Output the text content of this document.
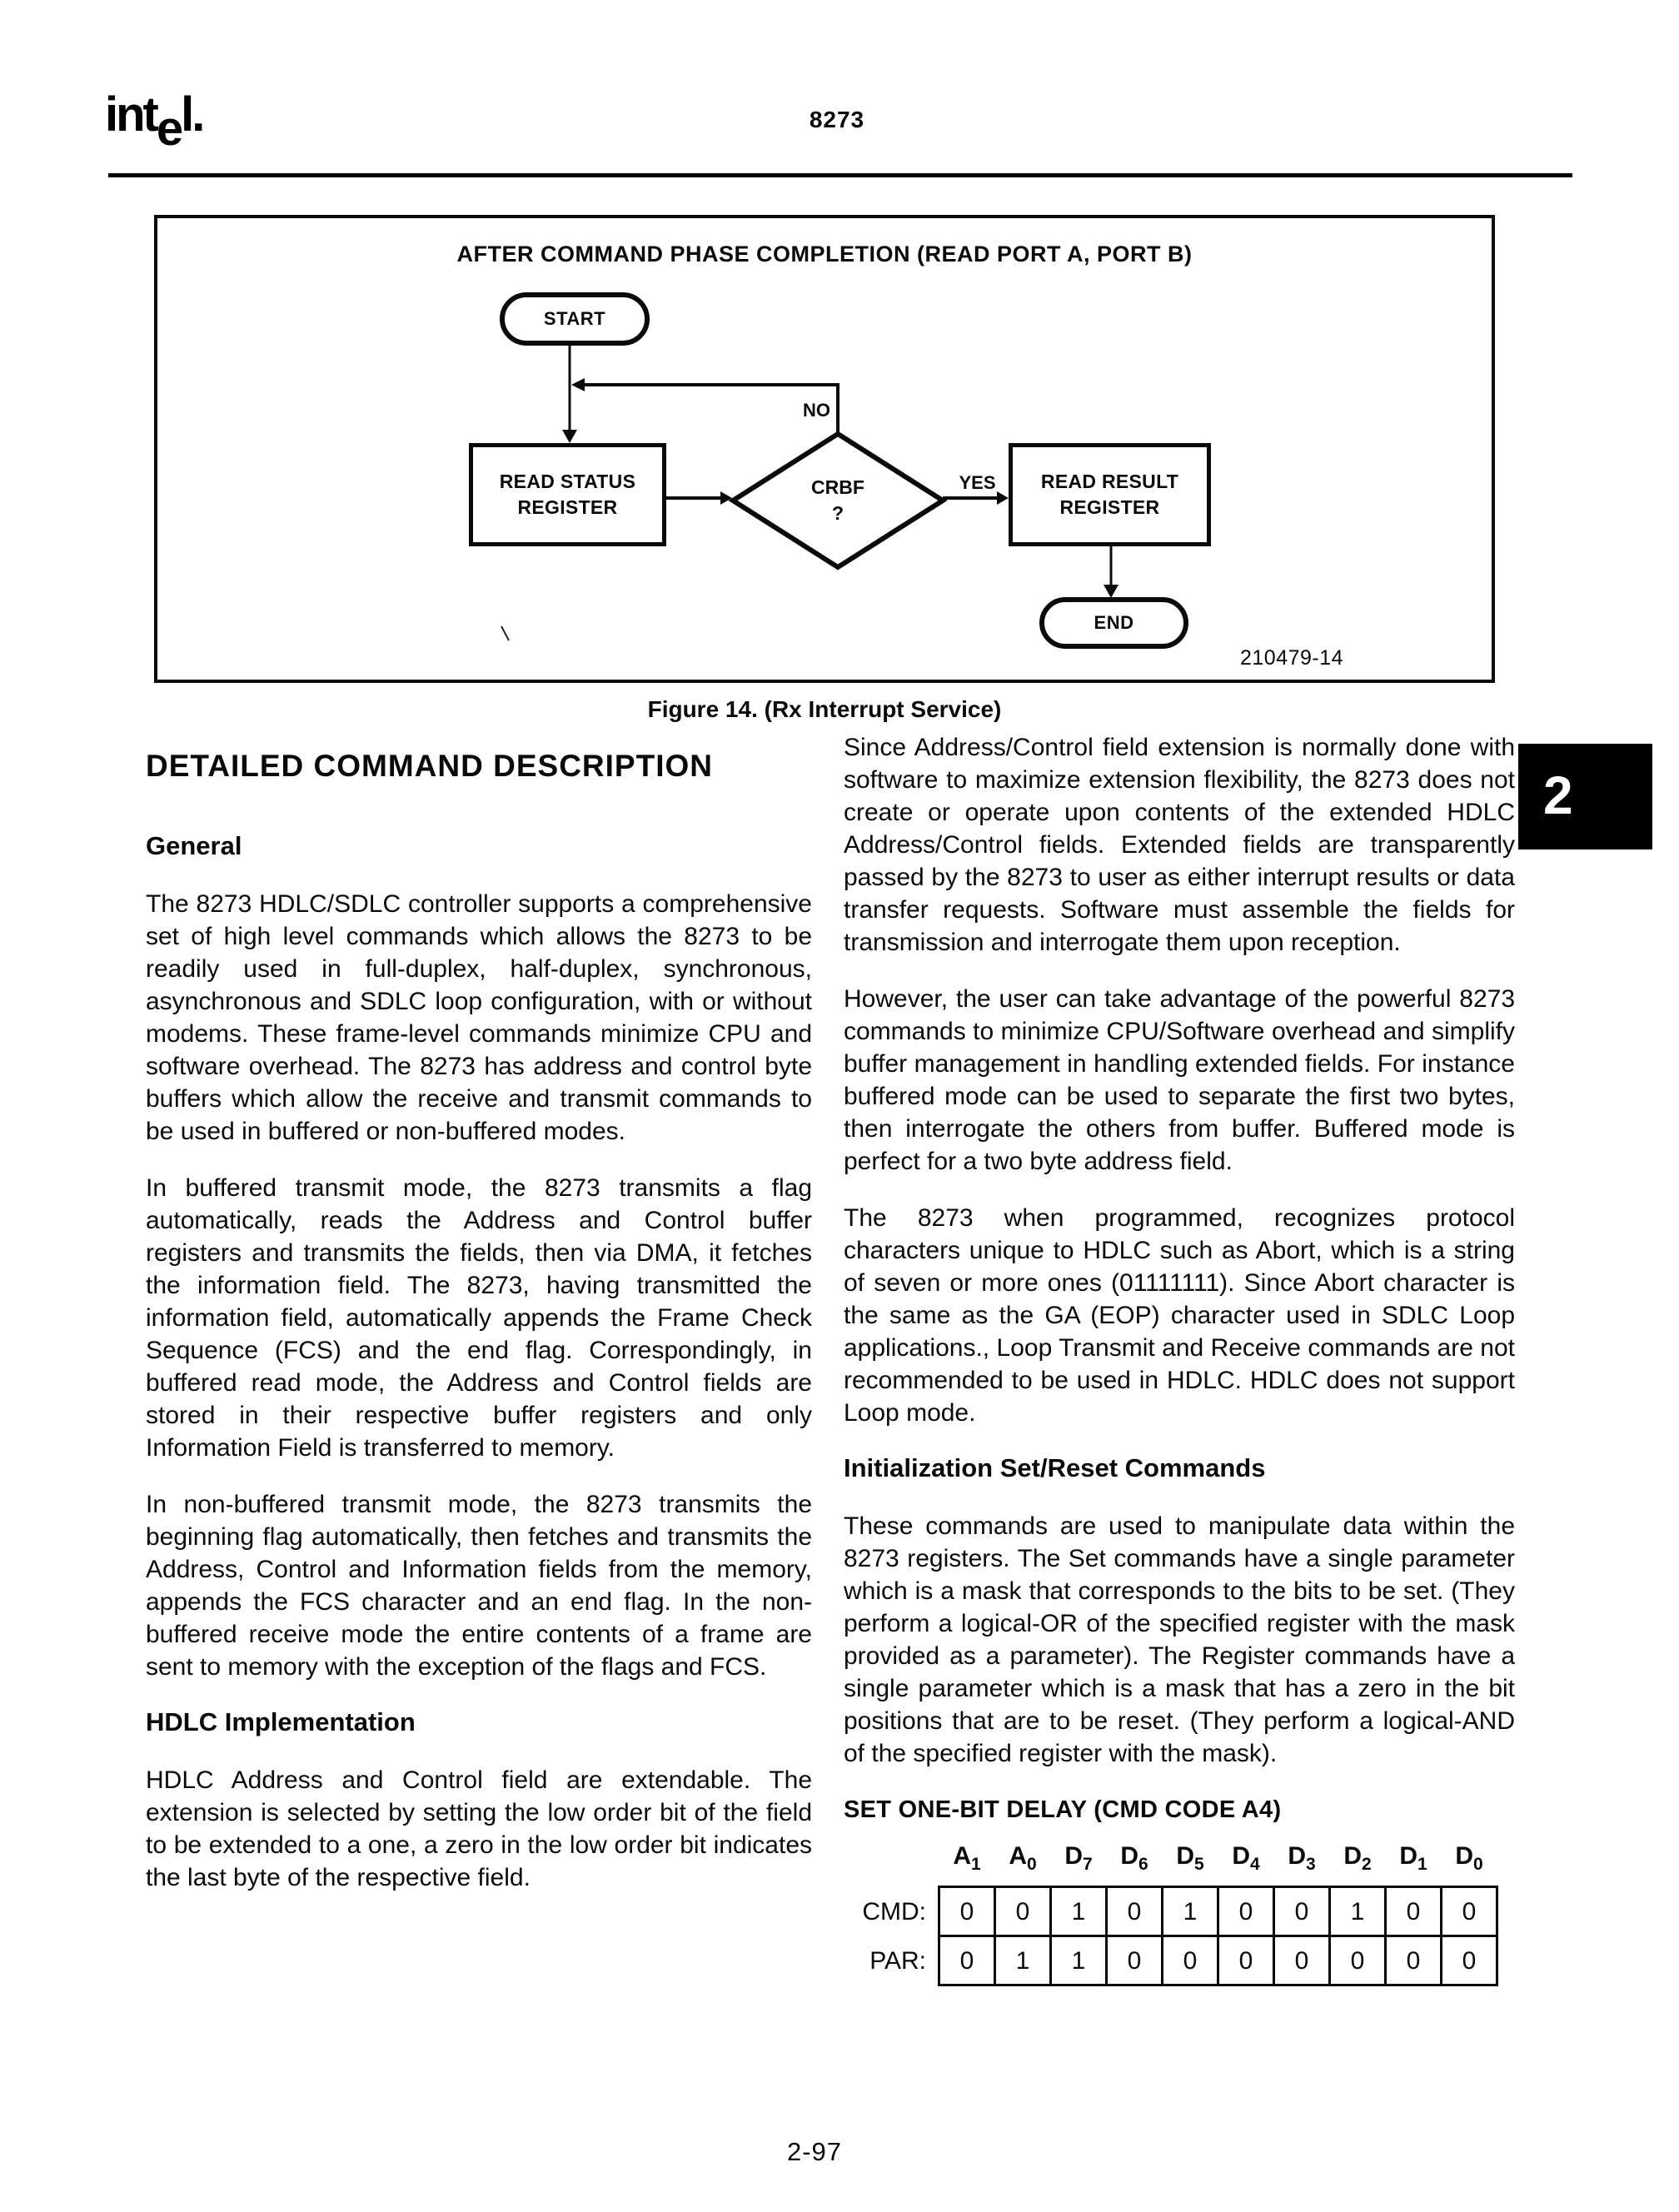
intel.	8273
AFTER COMMAND PHASE COMPLETION (READ PORT A, PORT B)
START
READ STATUS
REGISTER
CRBF
?
READ RESULT
REGISTER
END
NO
YES
210479-14
Figure 14. (Rx Interrupt Service)
DETAILED COMMAND DESCRIPTION
General

The 8273 HDLC/SDLC controller supports a comprehensive set of high level commands which allows the 8273 to be readily used in full-duplex, half-duplex, synchronous, asynchronous and SDLC loop configuration, with or without modems. These frame-level commands minimize CPU and software overhead. The 8273 has address and control byte buffers which allow the receive and transmit commands to be used in buffered or non-buffered modes.

In buffered transmit mode, the 8273 transmits a flag automatically, reads the Address and Control buffer registers and transmits the fields, then via DMA, it fetches the information field. The 8273, having transmitted the information field, automatically appends the Frame Check Sequence (FCS) and the end flag. Correspondingly, in buffered read mode, the Address and Control fields are stored in their respective buffer registers and only Information Field is transferred to memory.

In non-buffered transmit mode, the 8273 transmits the beginning flag automatically, then fetches and transmits the Address, Control and Information fields from the memory, appends the FCS character and an end flag. In the non-buffered receive mode the entire contents of a frame are sent to memory with the exception of the flags and FCS.

HDLC Implementation

HDLC Address and Control field are extendable. The extension is selected by setting the low order bit of the field to be extended to a one, a zero in the low order bit indicates the last byte of the respective field.

Since Address/Control field extension is normally done with software to maximize extension flexibility, the 8273 does not create or operate upon contents of the extended HDLC Address/Control fields. Extended fields are transparently passed by the 8273 to user as either interrupt results or data transfer requests. Software must assemble the fields for transmission and interrogate them upon reception.

However, the user can take advantage of the powerful 8273 commands to minimize CPU/Software overhead and simplify buffer management in handling extended fields. For instance buffered mode can be used to separate the first two bytes, then interrogate the others from buffer. Buffered mode is perfect for a two byte address field.

The 8273 when programmed, recognizes protocol characters unique to HDLC such as Abort, which is a string of seven or more ones (01111111). Since Abort character is the same as the GA (EOP) character used in SDLC Loop applications., Loop Transmit and Receive commands are not recommended to be used in HDLC. HDLC does not support Loop mode.

Initialization Set/Reset Commands

These commands are used to manipulate data within the 8273 registers. The Set commands have a single parameter which is a mask that corresponds to the bits to be set. (They perform a logical-OR of the specified register with the mask provided as a parameter). The Register commands have a single parameter which is a mask that has a zero in the bit positions that are to be reset. (They perform a logical-AND of the specified register with the mask).

SET ONE-BIT DELAY (CMD CODE A4)
	$A_1$	$A_0$	$D_7$	$D_6$	$D_5$	$D_4$	$D_3$	$D_2$	$D_1$	$D_0$
CMD:	0	0	1	0	1	0	0	1	0	0
PAR:	0	1	1	0	0	0	0	0	0	0
2
2-97
